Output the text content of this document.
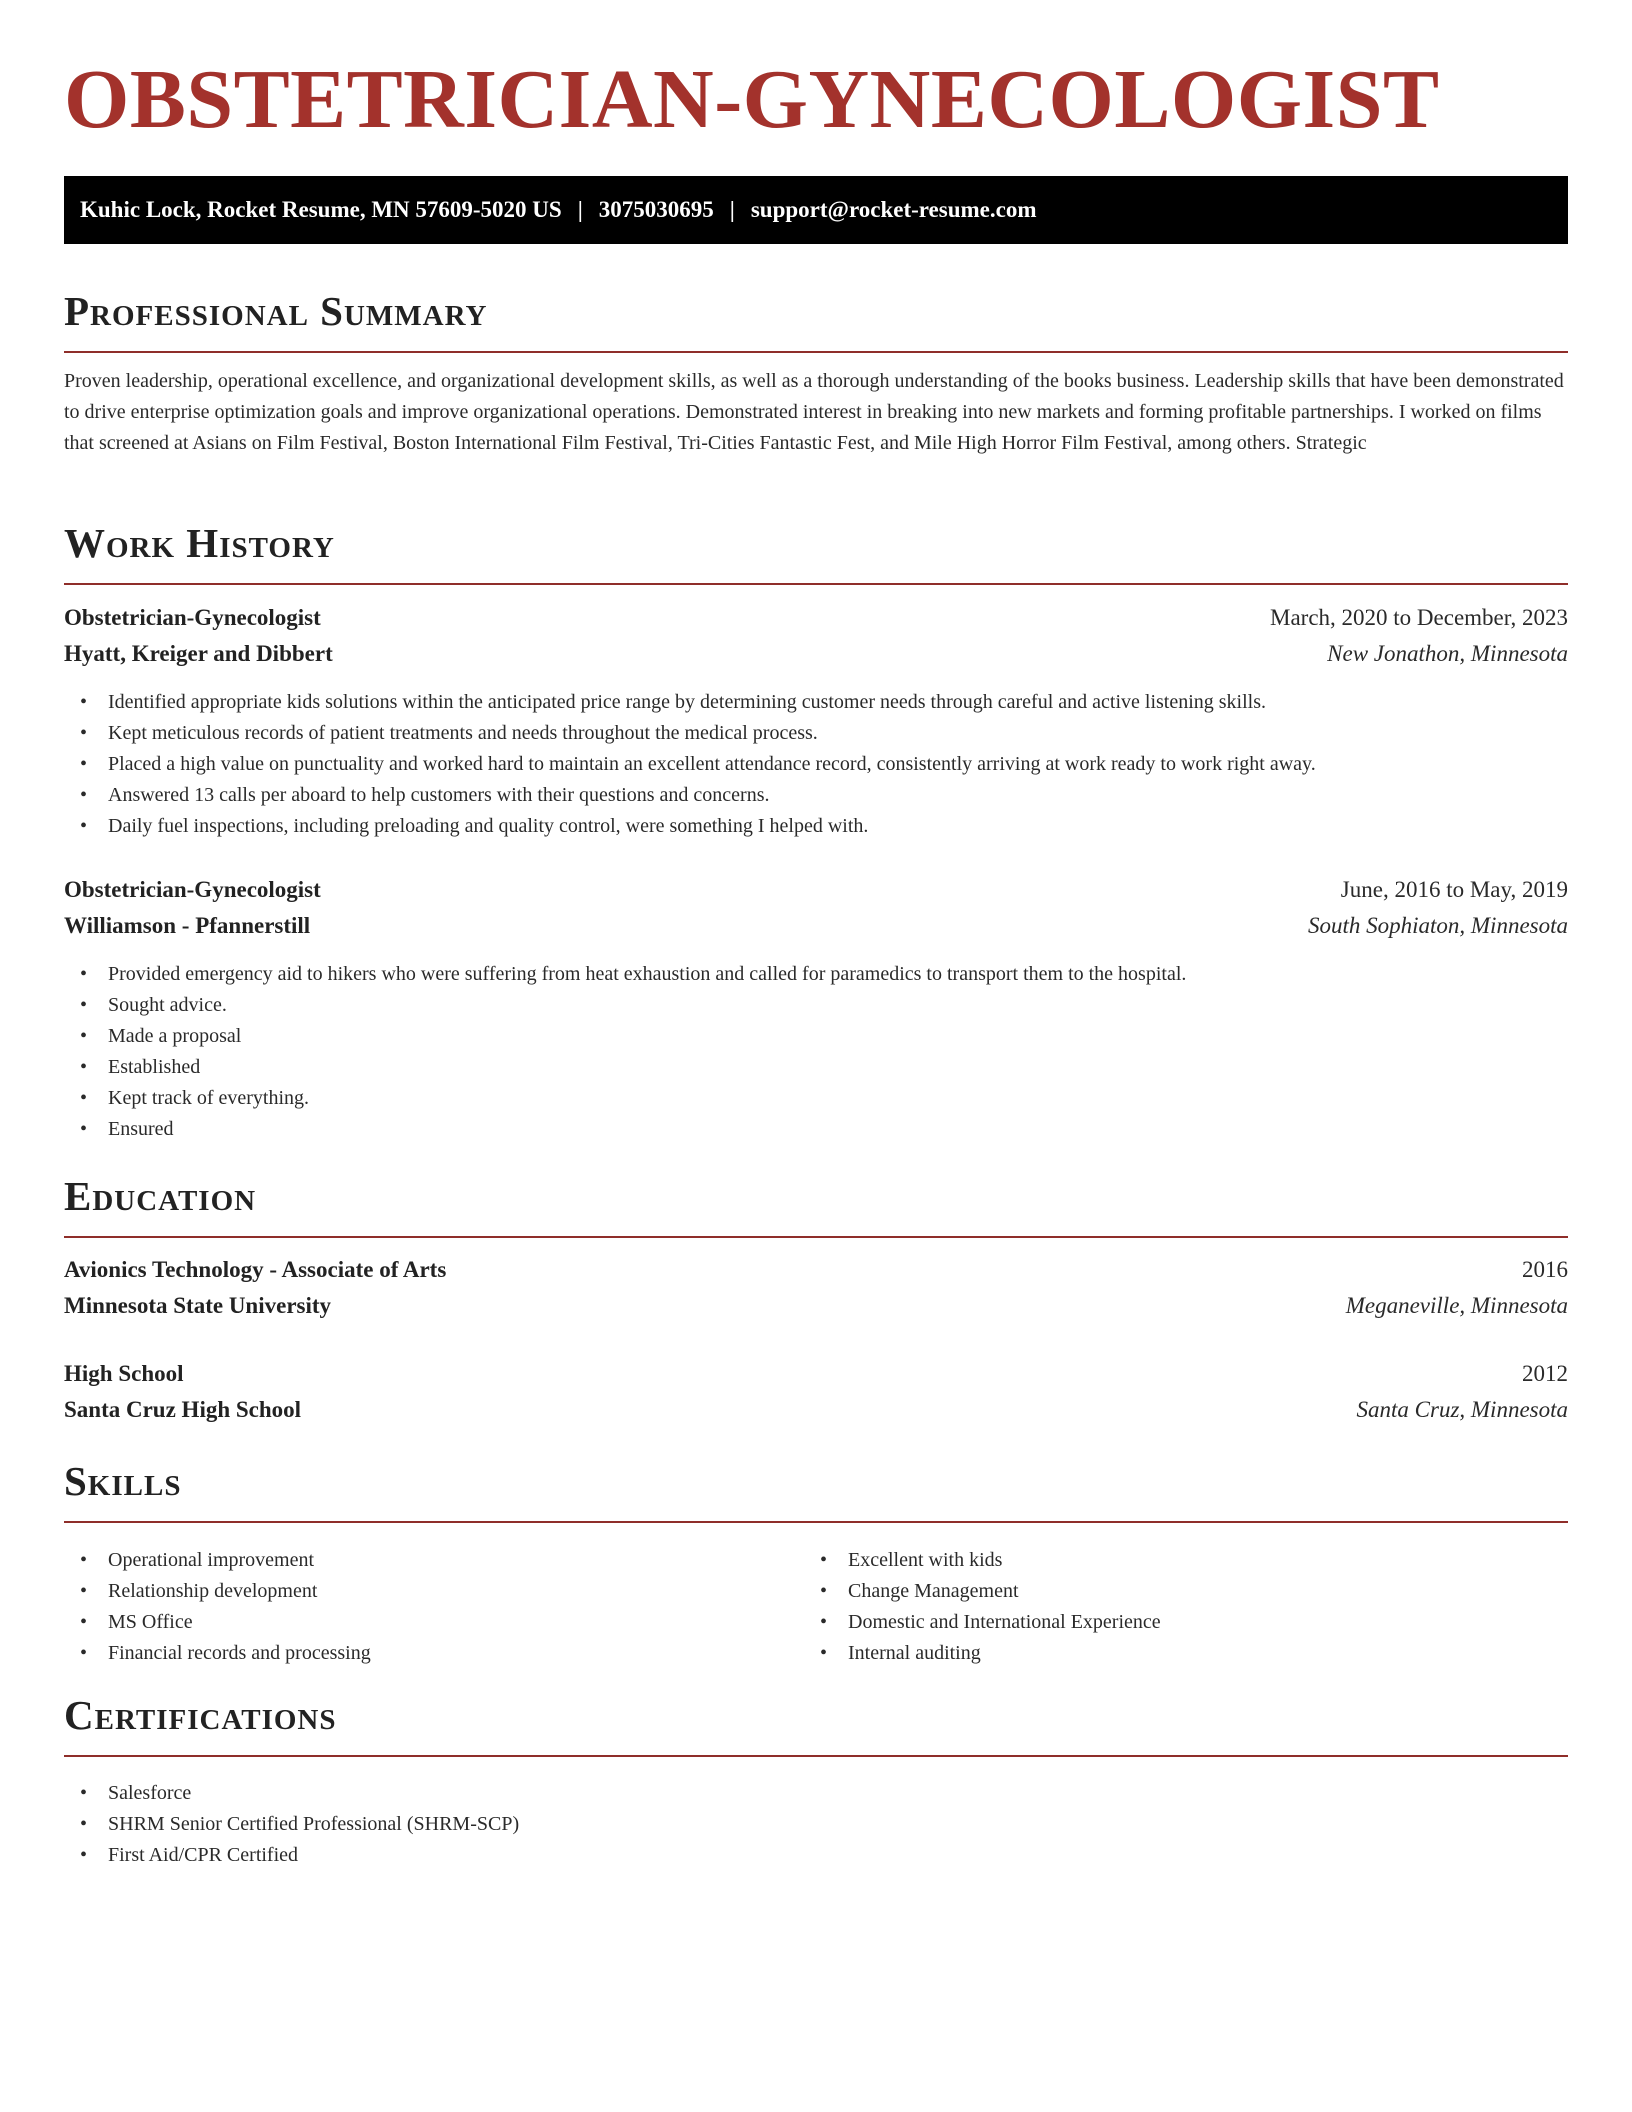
OBSTETRICIAN-GYNECOLOGIST
Kuhic Lock, Rocket Resume, MN 57609-5020 US | 3075030695 | support@rocket-resume.com
Professional Summary
Proven leadership, operational excellence, and organizational development skills, as well as a thorough understanding of the books business. Leadership skills that have been demonstrated to drive enterprise optimization goals and improve organizational operations. Demonstrated interest in breaking into new markets and forming profitable partnerships. I worked on films that screened at Asians on Film Festival, Boston International Film Festival, Tri-Cities Fantastic Fest, and Mile High Horror Film Festival, among others. Strategic
Work History
Obstetrician-Gynecologist	March, 2020 to December, 2023
Hyatt, Kreiger and Dibbert	New Jonathon, Minnesota
• Identified appropriate kids solutions within the anticipated price range by determining customer needs through careful and active listening skills.
• Kept meticulous records of patient treatments and needs throughout the medical process.
• Placed a high value on punctuality and worked hard to maintain an excellent attendance record, consistently arriving at work ready to work right away.
• Answered 13 calls per aboard to help customers with their questions and concerns.
• Daily fuel inspections, including preloading and quality control, were something I helped with.
Obstetrician-Gynecologist	June, 2016 to May, 2019
Williamson - Pfannerstill	South Sophiaton, Minnesota
• Provided emergency aid to hikers who were suffering from heat exhaustion and called for paramedics to transport them to the hospital.
• Sought advice.
• Made a proposal
• Established
• Kept track of everything.
• Ensured
Education
Avionics Technology - Associate of Arts	2016
Minnesota State University	Meganeville, Minnesota
High School	2012
Santa Cruz High School	Santa Cruz, Minnesota
Skills
• Operational improvement
• Relationship development
• MS Office
• Financial records and processing
• Excellent with kids
• Change Management
• Domestic and International Experience
• Internal auditing
Certifications
• Salesforce
• SHRM Senior Certified Professional (SHRM-SCP)
• First Aid/CPR Certified
